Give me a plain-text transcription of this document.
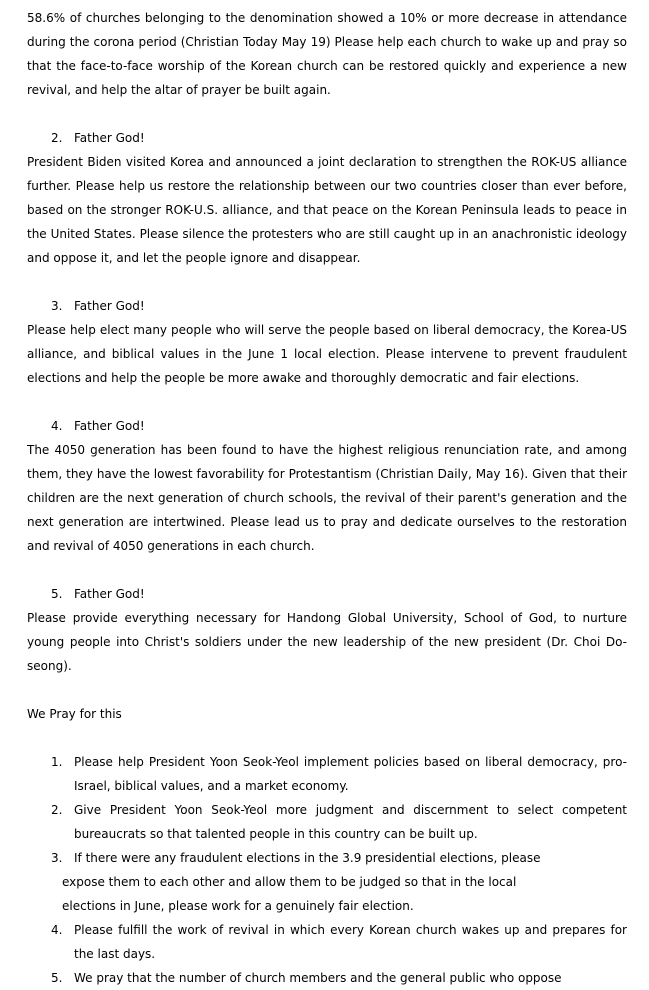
58.6% of churches belonging to the denomination showed a 10% or more decrease in attendance during the corona period (Christian Today May 19) Please help each church to wake up and pray so that the face-to-face worship of the Korean church can be restored quickly and experience a new revival, and help the altar of prayer be built again.

2. Father God!

President Biden visited Korea and announced a joint declaration to strengthen the ROK-US alliance further. Please help us restore the relationship between our two countries closer than ever before, based on the stronger ROK-U.S. alliance, and that peace on the Korean Peninsula leads to peace in the United States. Please silence the protesters who are still caught up in an anachronistic ideology and oppose it, and let the people ignore and disappear.

3. Father God!

Please help elect many people who will serve the people based on liberal democracy, the Korea-US alliance, and biblical values in the June 1 local election. Please intervene to prevent fraudulent elections and help the people be more awake and thoroughly democratic and fair elections.

4. Father God!

The 4050 generation has been found to have the highest religious renunciation rate, and among them, they have the lowest favorability for Protestantism (Christian Daily, May 16). Given that their children are the next generation of church schools, the revival of their parent's generation and the next generation are intertwined. Please lead us to pray and dedicate ourselves to the restoration and revival of 4050 generations in each church.

5. Father God!

Please provide everything necessary for Handong Global University, School of God, to nurture young people into Christ's soldiers under the new leadership of the new president (Dr. Choi Do-seong).

We Pray for this
1. Please help President Yoon Seok-Yeol implement policies based on liberal democracy, pro-Israel, biblical values, and a market economy.
2. Give President Yoon Seok-Yeol more judgment and discernment to select competent bureaucrats so that talented people in this country can be built up.
3. If there were any fraudulent elections in the 3.9 presidential elections, please
expose them to each other and allow them to be judged so that in the local
elections in June, please work for a genuinely fair election.
4. Please fulfill the work of revival in which every Korean church wakes up and prepares for the last days.
5. We pray that the number of church members and the general public who oppose
